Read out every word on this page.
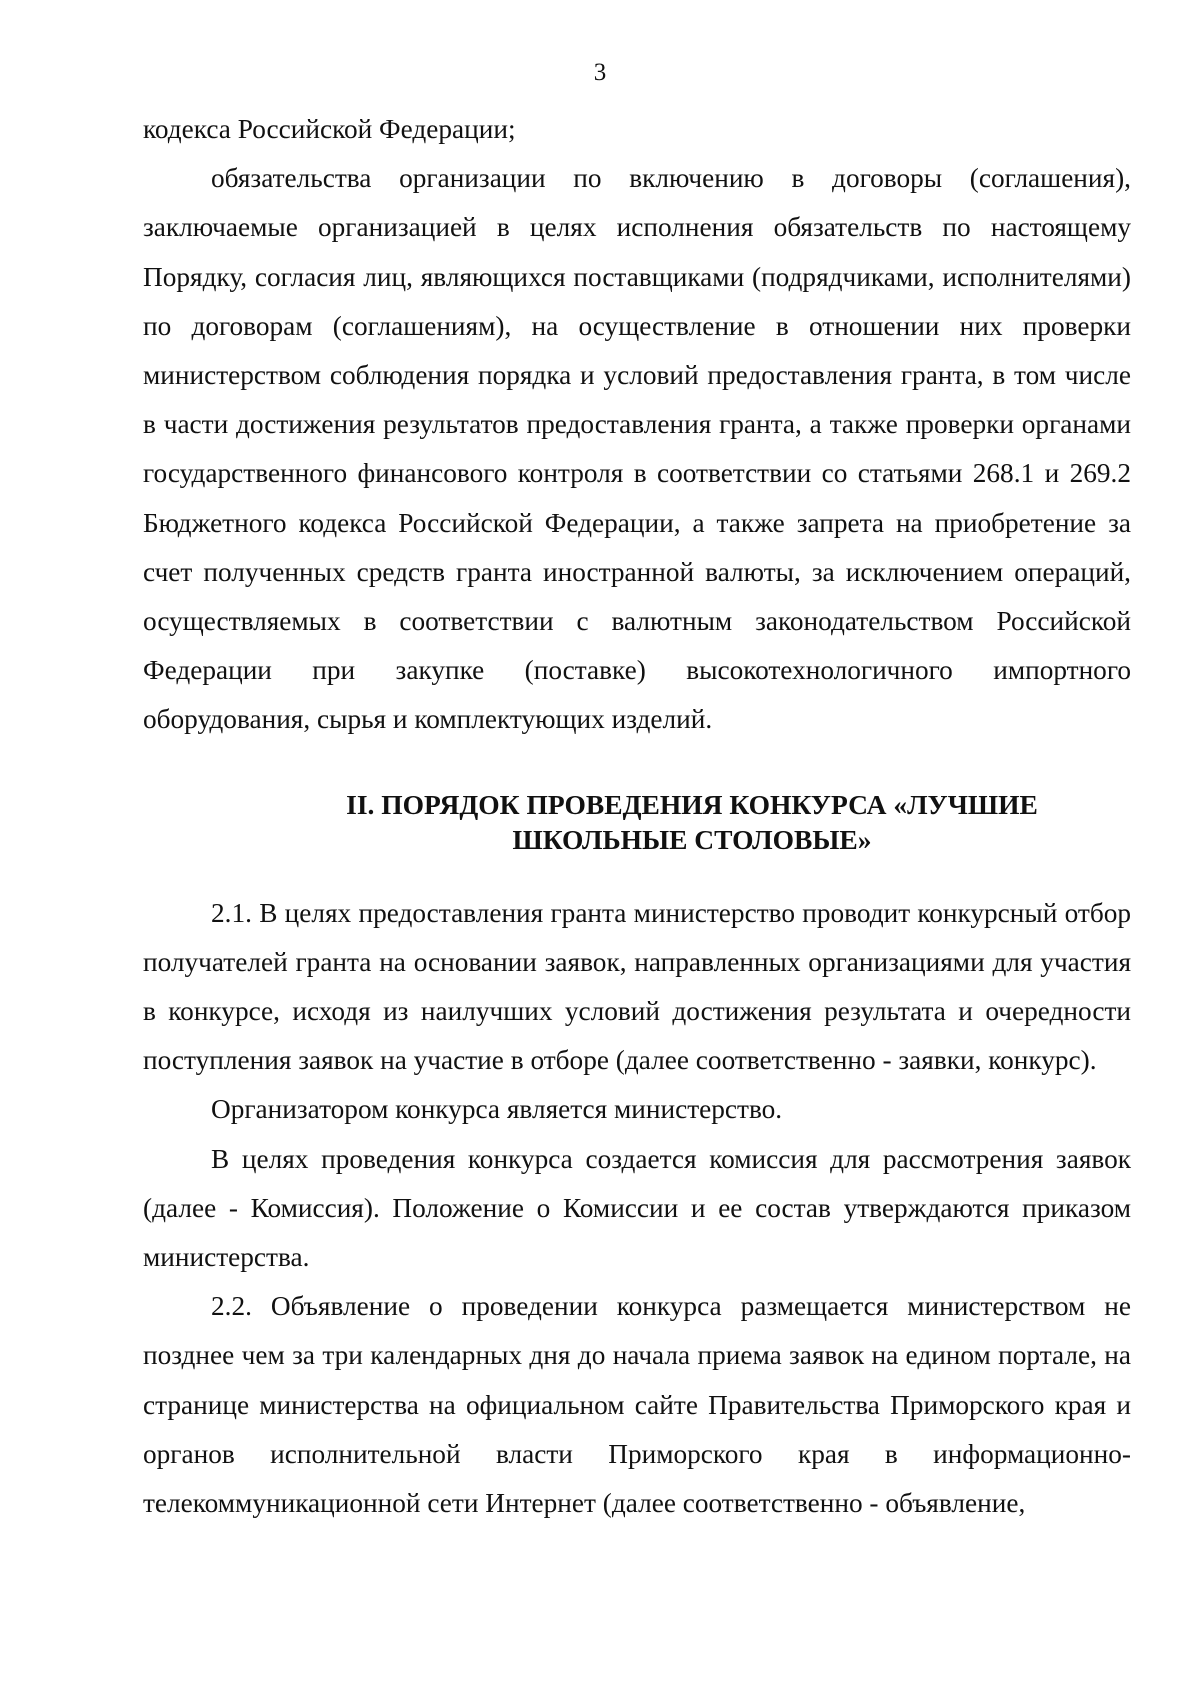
3

кодекса Российской Федерации;

обязательства организации по включению в договоры (соглашения), заключаемые организацией в целях исполнения обязательств по настоящему Порядку, согласия лиц, являющихся поставщиками (подрядчиками, исполнителями) по договорам (соглашениям), на осуществление в отношении них проверки министерством соблюдения порядка и условий предоставления гранта, в том числе в части достижения результатов предоставления гранта, а также проверки органами государственного финансового контроля в соответствии со статьями 268.1 и 269.2 Бюджетного кодекса Российской Федерации, а также запрета на приобретение за счет полученных средств гранта иностранной валюты, за исключением операций, осуществляемых в соответствии с валютным законодательством Российской Федерации при закупке (поставке) высокотехнологичного импортного оборудования, сырья и комплектующих изделий.

II. ПОРЯДОК ПРОВЕДЕНИЯ КОНКУРСА «ЛУЧШИЕ
ШКОЛЬНЫЕ СТОЛОВЫЕ»

2.1. В целях предоставления гранта министерство проводит конкурсный отбор получателей гранта на основании заявок, направленных организациями для участия в конкурсе, исходя из наилучших условий достижения результата и очередности поступления заявок на участие в отборе (далее соответственно - заявки, конкурс).

Организатором конкурса является министерство.

В целях проведения конкурса создается комиссия для рассмотрения заявок (далее - Комиссия). Положение о Комиссии и ее состав утверждаются приказом министерства.

2.2. Объявление о проведении конкурса размещается министерством не позднее чем за три календарных дня до начала приема заявок на едином портале, на странице министерства на официальном сайте Правительства Приморского края и органов исполнительной власти Приморского края в информационно-телекоммуникационной сети Интернет (далее соответственно - объявление,
